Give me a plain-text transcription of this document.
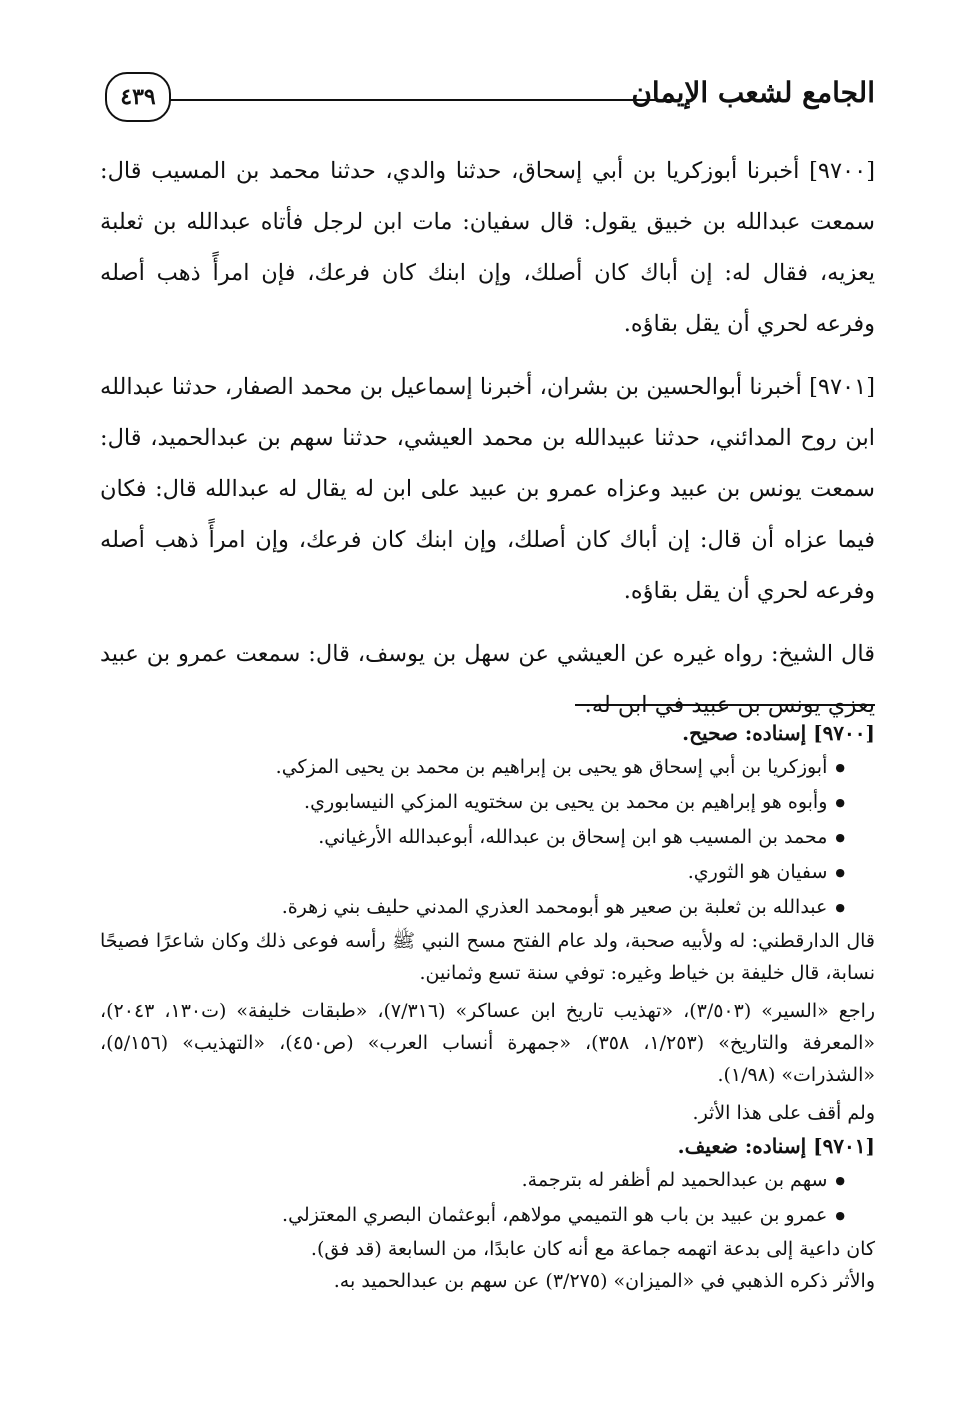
الجامع لشعب الإيمان
٤٣٩

[٩٧٠٠] أخبرنا أبوزكريا بن أبي إسحاق، حدثنا والدي، حدثنا محمد بن المسيب قال: سمعت عبدالله بن خبيق يقول: قال سفيان: مات ابن لرجل فأتاه عبدالله بن ثعلبة يعزيه، فقال له: إن أباك كان أصلك، وإن ابنك كان فرعك، فإن امرأً ذهب أصله وفرعه لحري أن يقل بقاؤه.

[٩٧٠١] أخبرنا أبوالحسين بن بشران، أخبرنا إسماعيل بن محمد الصفار، حدثنا عبدالله ابن روح المدائني، حدثنا عبيدالله بن محمد العيشي، حدثنا سهم بن عبدالحميد، قال: سمعت يونس بن عبيد وعزاه عمرو بن عبيد على ابن له يقال له عبدالله قال: فكان فيما عزاه أن قال: إن أباك كان أصلك، وإن ابنك كان فرعك، وإن امرأً ذهب أصله وفرعه لحري أن يقل بقاؤه.

قال الشيخ: رواه غيره عن العيشي عن سهل بن يوسف، قال: سمعت عمرو بن عبيد يعزي يونس بن عبيد في ابن له.

[٩٧٠٠] إسناده: صحيح.
● أبوزكريا بن أبي إسحاق هو يحيى بن إبراهيم بن محمد بن يحيى المزكي.
● وأبوه هو إبراهيم بن محمد بن يحيى بن سختويه المزكي النيسابوري.
● محمد بن المسيب هو ابن إسحاق بن عبدالله، أبوعبدالله الأرغياني.
● سفيان هو الثوري.
● عبدالله بن ثعلبة بن صعير هو أبومحمد العذري المدني حليف بني زهرة.

قال الدارقطني: له ولأبيه صحبة، ولد عام الفتح مسح النبي ﷺ رأسه فوعى ذلك وكان شاعرًا فصيحًا نسابة، قال خليفة بن خياط وغيره: توفي سنة تسع وثمانين.

راجع «السير» (٣/٥٠٣)، «تهذيب تاريخ ابن عساكر» (٧/٣١٦)، «طبقات خليفة» (ت١٣٠، ٢٠٤٣)، «المعرفة والتاريخ» (١/٢٥٣، ٣٥٨)، «جمهرة أنساب العرب» (ص٤٥٠)، «التهذيب» (٥/١٥٦)، «الشذرات» (١/٩٨).

ولم أقف على هذا الأثر.

[٩٧٠١] إسناده: ضعيف.
● سهم بن عبدالحميد لم أظفر له بترجمة.
● عمرو بن عبيد بن باب هو التميمي مولاهم، أبوعثمان البصري المعتزلي.

كان داعية إلى بدعة اتهمه جماعة مع أنه كان عابدًا، من السابعة (قد فق).

والأثر ذكره الذهبي في «الميزان» (٣/٢٧٥) عن سهم بن عبدالحميد به.
